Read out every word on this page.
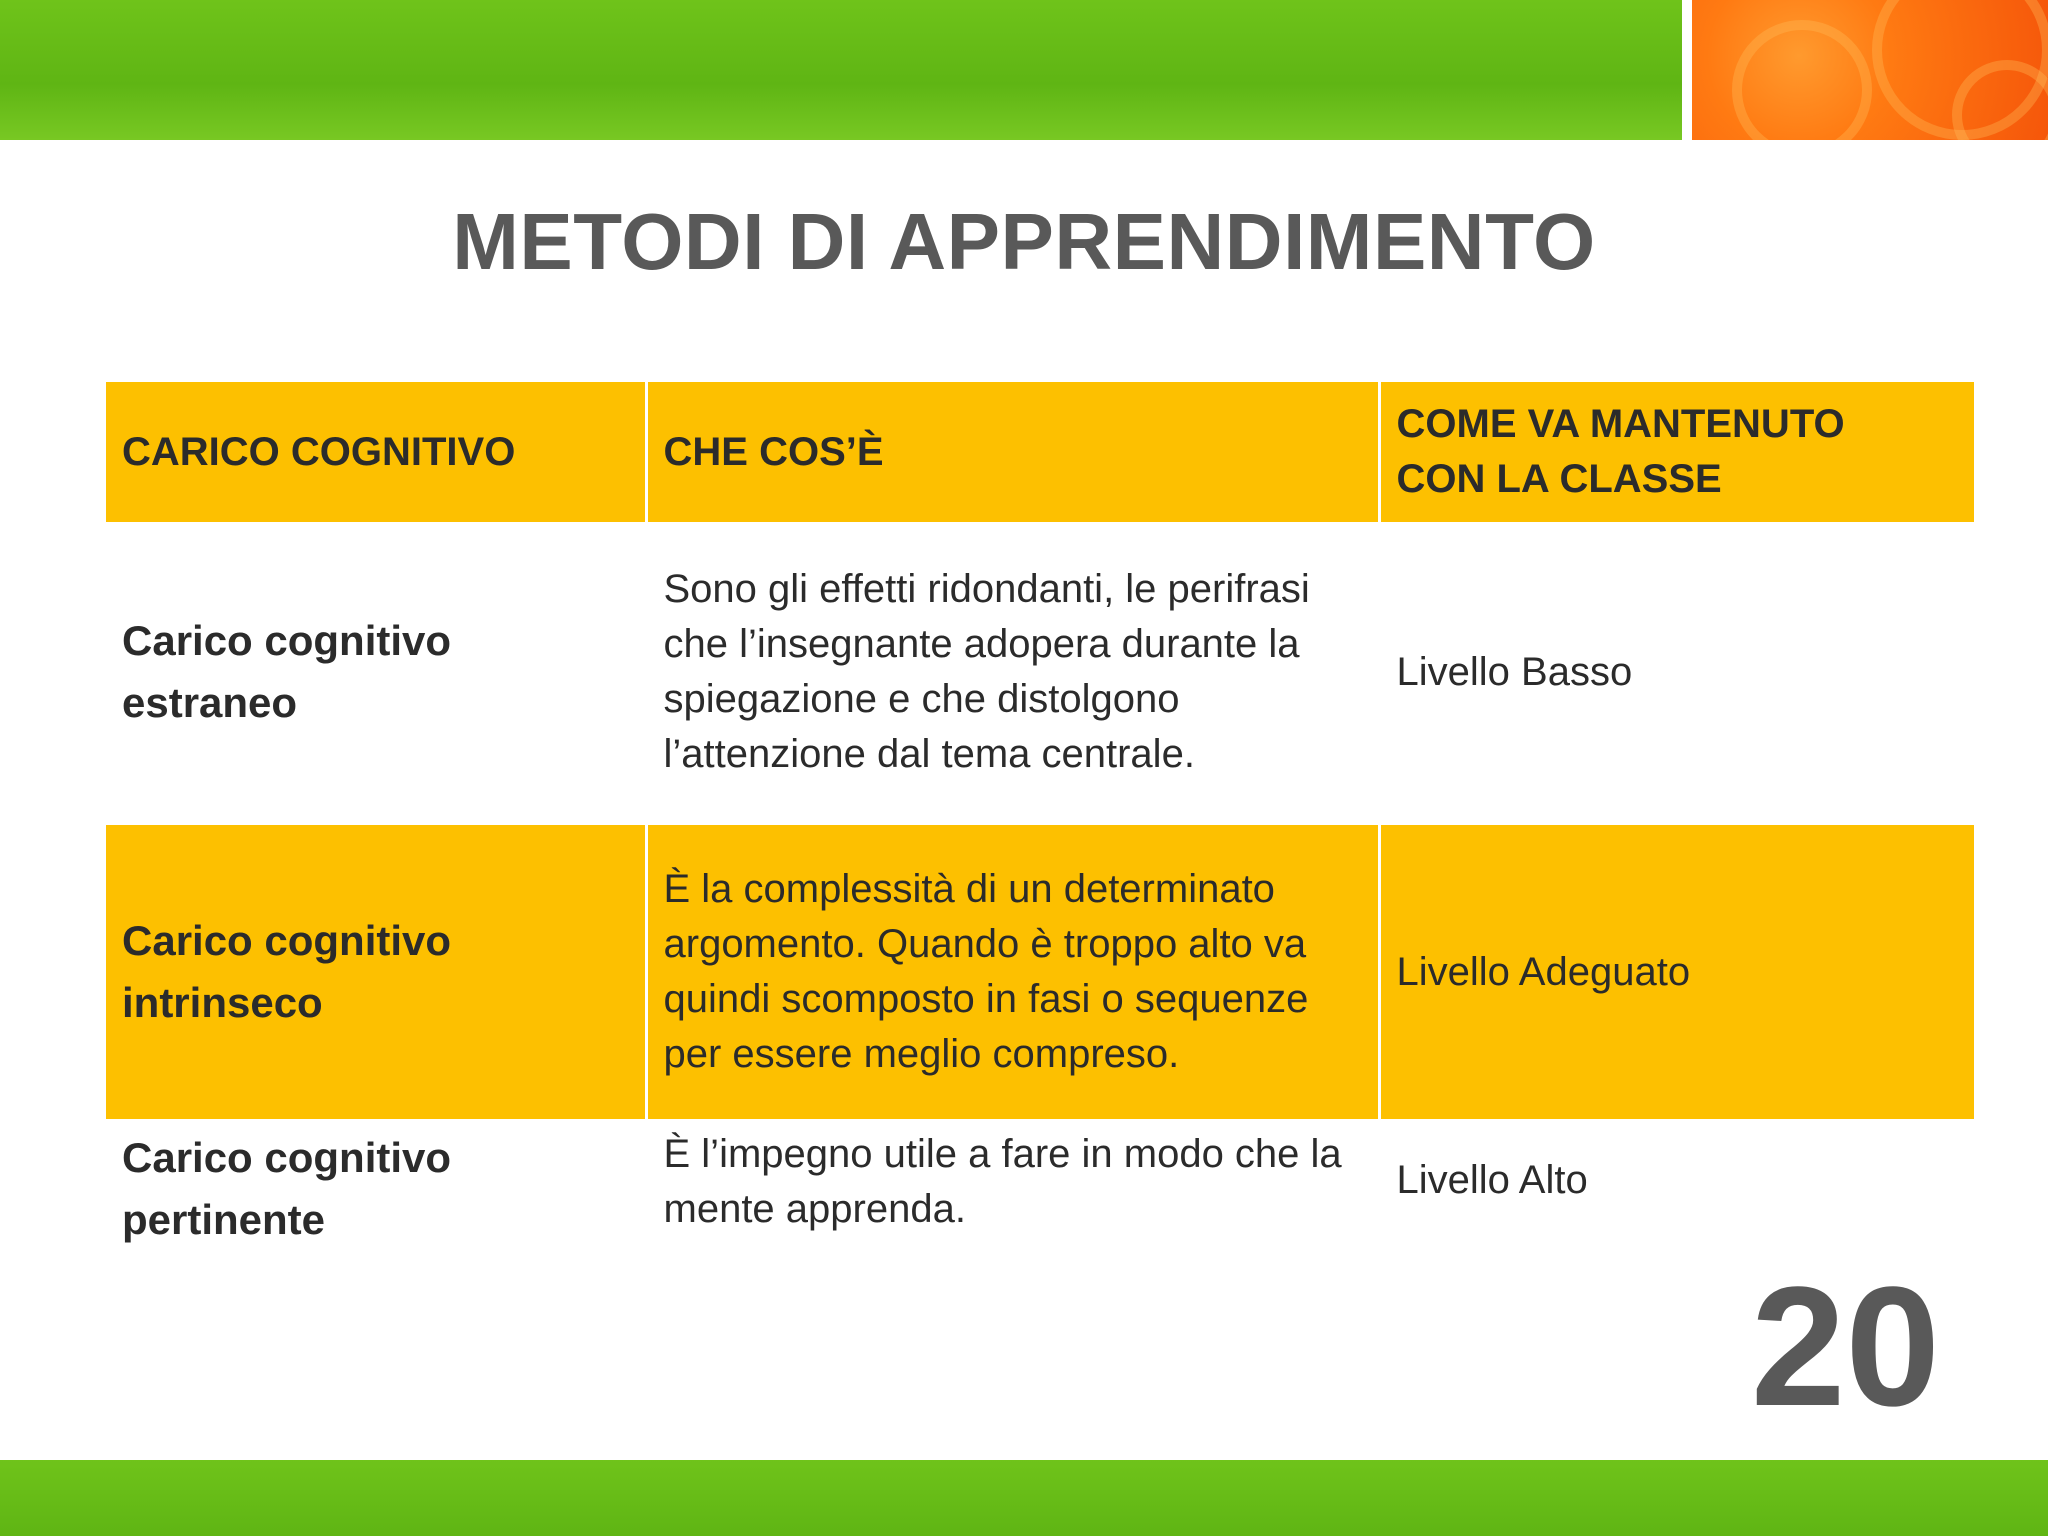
METODI DI APPRENDIMENTO
CARICO COGNITIVO	CHE COS’È	COME VA MANTENUTO CON LA CLASSE
Carico cognitivo estraneo	Sono gli effetti ridondanti, le perifrasi che l’insegnante adopera durante la spiegazione e che distolgono l’attenzione dal tema centrale.	Livello Basso
Carico cognitivo intrinseco	È la complessità di un determinato argomento. Quando è troppo alto va quindi scomposto in fasi o sequenze per essere meglio compreso.	Livello Adeguato
Carico cognitivo pertinente	È l’impegno utile a fare in modo che la mente apprenda.	Livello Alto
20
